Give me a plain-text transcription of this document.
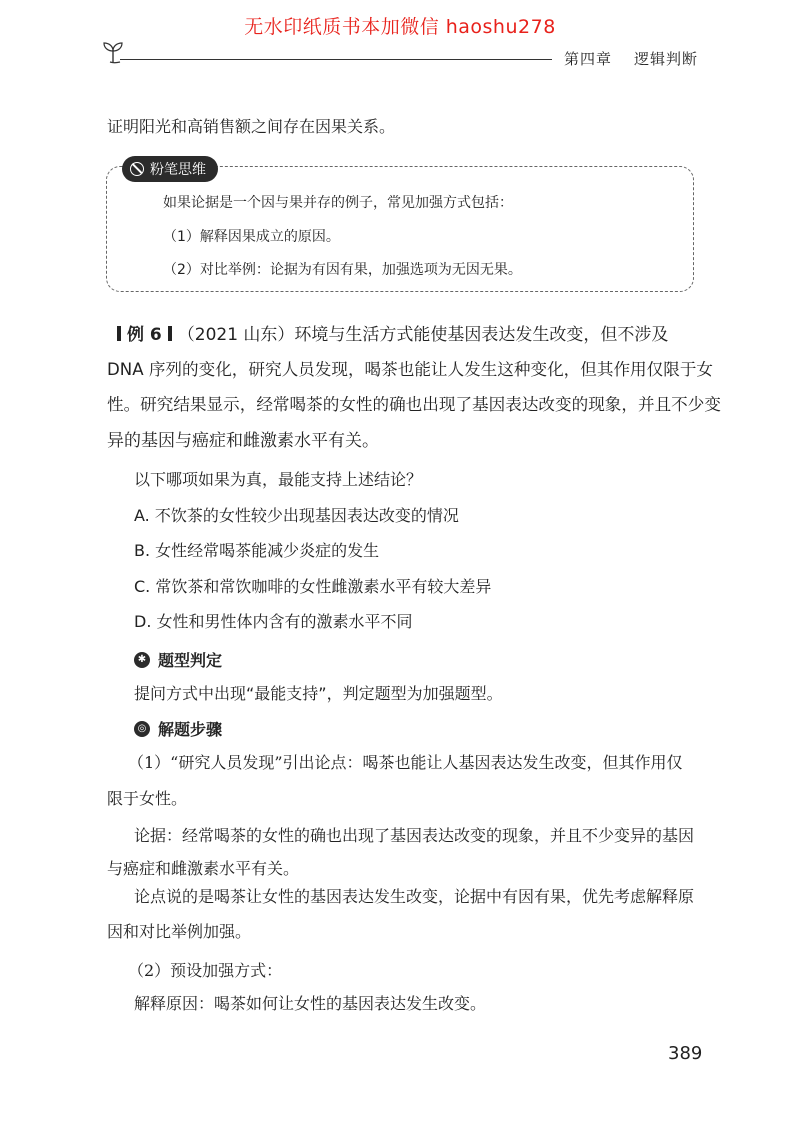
无水印纸质书本加微信 haoshu278
第四章 逻辑判断

证明阳光和高销售额之间存在因果关系。

粉笔思维
如果论据是一个因与果并存的例子，常见加强方式包括：
（1）解释因果成立的原因。
（2）对比举例：论据为有因有果，加强选项为无因无果。
例 6 （2021 山东）环境与生活方式能使基因表达发生改变，但不涉及
DNA 序列的变化，研究人员发现，喝茶也能让人发生这种变化，但其作用仅限于女
性。研究结果显示，经常喝茶的女性的确也出现了基因表达改变的现象，并且不少变
异的基因与癌症和雌激素水平有关。
以下哪项如果为真，最能支持上述结论？
A. 不饮茶的女性较少出现基因表达改变的情况
B. 女性经常喝茶能减少炎症的发生
C. 常饮茶和常饮咖啡的女性雌激素水平有较大差异
D. 女性和男性体内含有的激素水平不同
✱ 题型判定
提问方式中出现“最能支持”，判定题型为加强题型。
◎ 解题步骤
（1）“研究人员发现”引出论点：喝茶也能让人基因表达发生改变，但其作用仅
限于女性。
论据：经常喝茶的女性的确也出现了基因表达改变的现象，并且不少变异的基因
与癌症和雌激素水平有关。
论点说的是喝茶让女性的基因表达发生改变，论据中有因有果，优先考虑解释原
因和对比举例加强。
（2）预设加强方式：
解释原因：喝茶如何让女性的基因表达发生改变。
389
